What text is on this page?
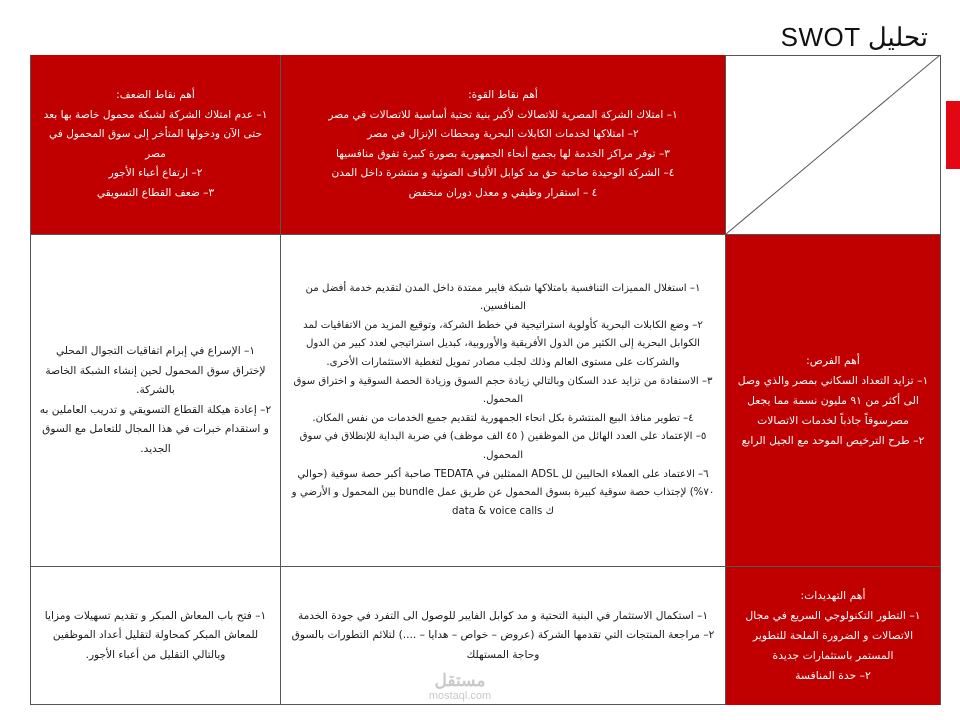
تحليل SWOT
أهم نقاط الضعف:
١– عدم امتلاك الشركة لشبكة محمول خاصة بها بعد حتى الآن ودخولها المتأخر إلى سوق المحمول في مصر
٢– ارتفاع أعباء الأجور
٣– ضعف القطاع التسويقي
أهم نقاط القوة:
١– امتلاك الشركة المصرية للاتصالات لأكبر بنية تحتية أساسية للاتصالات في مصر
٢– امتلاكها لخدمات الكابلات البحرية ومحطات الإنزال في مصر
٣– توفر مراكز الخدمة لها بجميع أنحاء الجمهورية بصورة كبيرة تفوق منافسيها
٤– الشركة الوحيدة صاحبة حق مد كوابل الألياف الضوئية و منتشرة داخل المدن
٤ – استقرار وظيفي و معدل دوران منخفض
١– الإسراع في إبرام اتفاقيات التجوال المحلي لإختراق سوق المحمول لحين إنشاء الشبكة الخاصة بالشركة.
٢– إعادة هيكلة القطاع التسويقي و تدريب العاملين به و استقدام خبرات في هذا المجال للتعامل مع السوق الجديد.
١– استغلال المميزات التنافسية بامتلاكها شبكة فايبر ممتدة داخل المدن لتقديم خدمة أفضل من المنافسين.
٢– وضع الكابلات البحرية كأولوية استراتيجية في خطط الشركة، وتوقيع المزيد من الاتفاقيات لمد الكوابل البحرية إلى الكثير من الدول الأفريقية والأوروبية، كبديل استراتيجي لعدد كبير من الدول والشركات على مستوى العالم وذلك لجلب مصادر تمويل لتغطية الاستثمارات الأخرى.
٣– الاستفادة من تزايد عدد السكان وبالتالي زيادة حجم السوق وزيادة الحصة السوقية و اختراق سوق المحمول.
٤– تطوير منافذ البيع المنتشرة بكل انحاء الجمهورية لتقديم جميع الخدمات من نفس المكان.
٥– الإعتماد على العدد الهائل من الموظفين ( ٤٥ الف موظف) في ضربة البداية للإنطلاق في سوق المحمول.
٦– الاعتماد على العملاء الحاليين لل ADSL الممثلين في TEDATA صاحبة أكبر حصة سوقية (حوالي ٧٠%) لإجتذاب حصة سوقية كبيرة بسوق المحمول عن طريق عمل bundle بين المحمول و الأرضي و ك data & voice calls
أهم الفرص:
١– تزايد التعداد السكاني بمصر والذي وصل الى أكثر من ٩١ مليون نسمة مما يجعل مصرسوقاً جاذباً لخدمات الاتصالات
٢– طرح الترخيص الموحد مع الجيل الرابع
١– فتح باب المعاش المبكر و تقديم تسهيلات ومزايا للمعاش المبكر كمحاولة لتقليل أعداد الموظفين وبالتالي التقليل من أعباء الأجور.
١– استكمال الاستثمار في البنية التحتية و مد كوابل الفايبر للوصول الى التفرد في جودة الخدمة
٢– مراجعة المنتجات التي تقدمها الشركة (عروض – خواص – هدايا – ....) لتلائم التطورات بالسوق وحاجة المستهلك
أهم التهديدات:
١– التطور التكنولوجي السريع في مجال الاتصالات و الضرورة الملحة للتطوير المستمر باستثمارات جديدة
٢– حدة المنافسة
مستقل
mostaql.com
